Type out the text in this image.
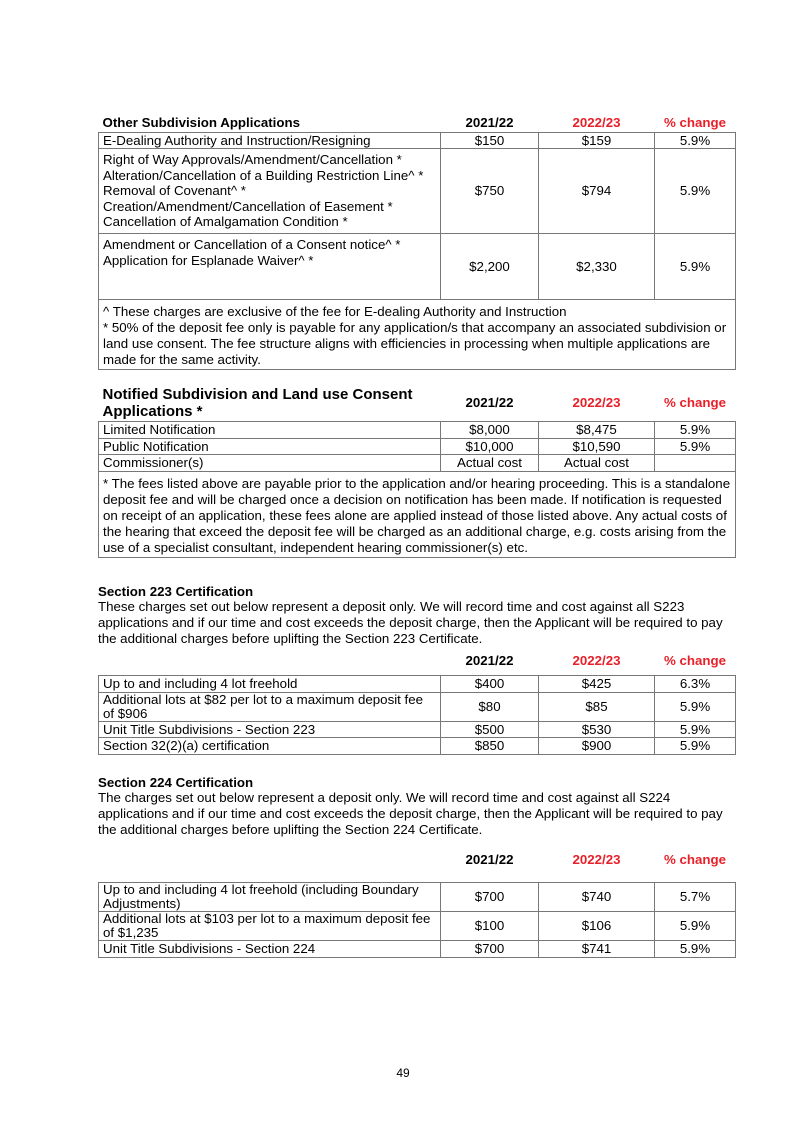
Other Subdivision Applications	2021/22	2022/23	% change
E-Dealing Authority and Instruction/Resigning	$150	$159	5.9%

Right of Way Approvals/Amendment/Cancellation *
Alteration/Cancellation of a Building Restriction Line^ *
Removal of Covenant^ *
Creation/Amendment/Cancellation of Easement *
Cancellation of Amalgamation Condition *	$750	$794	5.9%

Amendment or Cancellation of a Consent notice^ *
Application for Esplanade Waiver^ *	$2,200	$2,330	5.9%

^ These charges are exclusive of the fee for E-dealing Authority and Instruction
* 50% of the deposit fee only is payable for any application/s that accompany an associated subdivision or land use consent. The fee structure aligns with efficiencies in processing when multiple applications are made for the same activity.			
Notified Subdivision and Land use Consent Applications *	2021/22	2022/23	% change
Limited Notification	$8,000	$8,475	5.9%
Public Notification	$10,000	$10,590	5.9%
Commissioner(s)	Actual cost	Actual cost	
* The fees listed above are payable prior to the application and/or hearing proceeding. This is a standalone deposit fee and will be charged once a decision on notification has been made. If notification is requested on receipt of an application, these fees alone are applied instead of those listed above. Any actual costs of the hearing that exceed the deposit fee will be charged as an additional charge, e.g. costs arising from the use of a specialist consultant, independent hearing commissioner(s) etc.			
Section 223 Certification

These charges set out below represent a deposit only. We will record time and cost against all S223 applications and if our time and cost exceeds the deposit charge, then the Applicant will be required to pay the additional charges before uplifting the Section 223 Certificate.

	2021/22	2022/23	% change

Up to and including 4 lot freehold	$400	$425	6.3%
Additional lots at $82 per lot to a maximum deposit fee of $906	$80	$85	5.9%
Unit Title Subdivisions - Section 223	$500	$530	5.9%
Section 32(2)(a) certification	$850	$900	5.9%
Section 224 Certification

The charges set out below represent a deposit only. We will record time and cost against all S224 applications and if our time and cost exceeds the deposit charge, then the Applicant will be required to pay the additional charges before uplifting the Section 224 Certificate.

	2021/22	2022/23	% change

Up to and including 4 lot freehold (including Boundary Adjustments)	$700	$740	5.7%
Additional lots at $103 per lot to a maximum deposit fee of $1,235	$100	$106	5.9%
Unit Title Subdivisions - Section 224	$700	$741	5.9%
49
